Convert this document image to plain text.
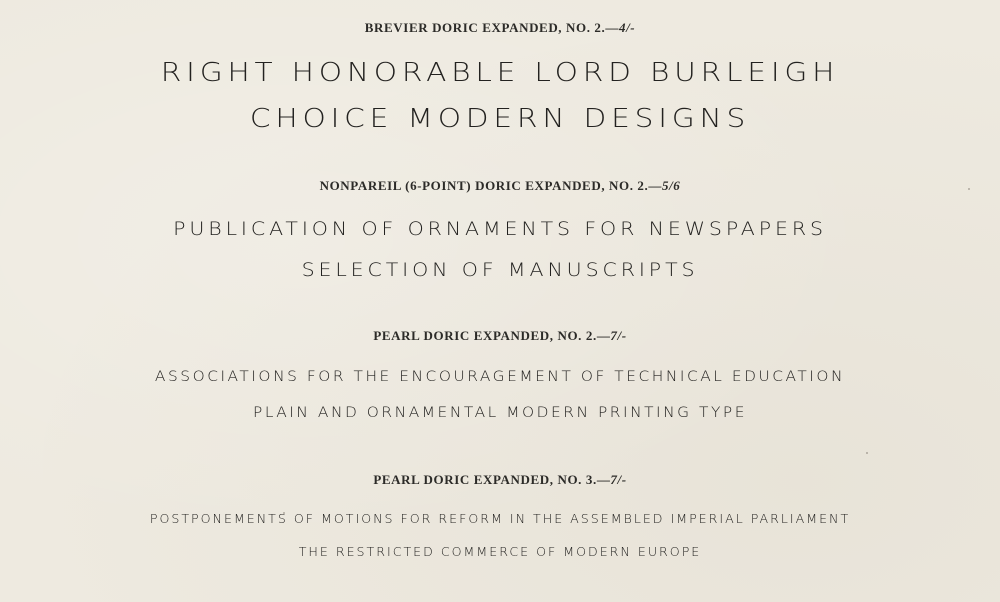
BREVIER DORIC EXPANDED, NO. 2.—4/-
RIGHT HONORABLE LORD BURLEIGH
CHOICE MODERN DESIGNS
NONPAREIL (6-POINT) DORIC EXPANDED, NO. 2.—5/6
PUBLICATION OF ORNAMENTS FOR NEWSPAPERS
SELECTION OF MANUSCRIPTS
PEARL DORIC EXPANDED, NO. 2.—7/-
ASSOCIATIONS FOR THE ENCOURAGEMENT OF TECHNICAL EDUCATION
PLAIN AND ORNAMENTAL MODERN PRINTING TYPE
PEARL DORIC EXPANDED, NO. 3.—7/-
POSTPONEMENTS OF MOTIONS FOR REFORM IN THE ASSEMBLED IMPERIAL PARLIAMENT
THE RESTRICTED COMMERCE OF MODERN EUROPE
